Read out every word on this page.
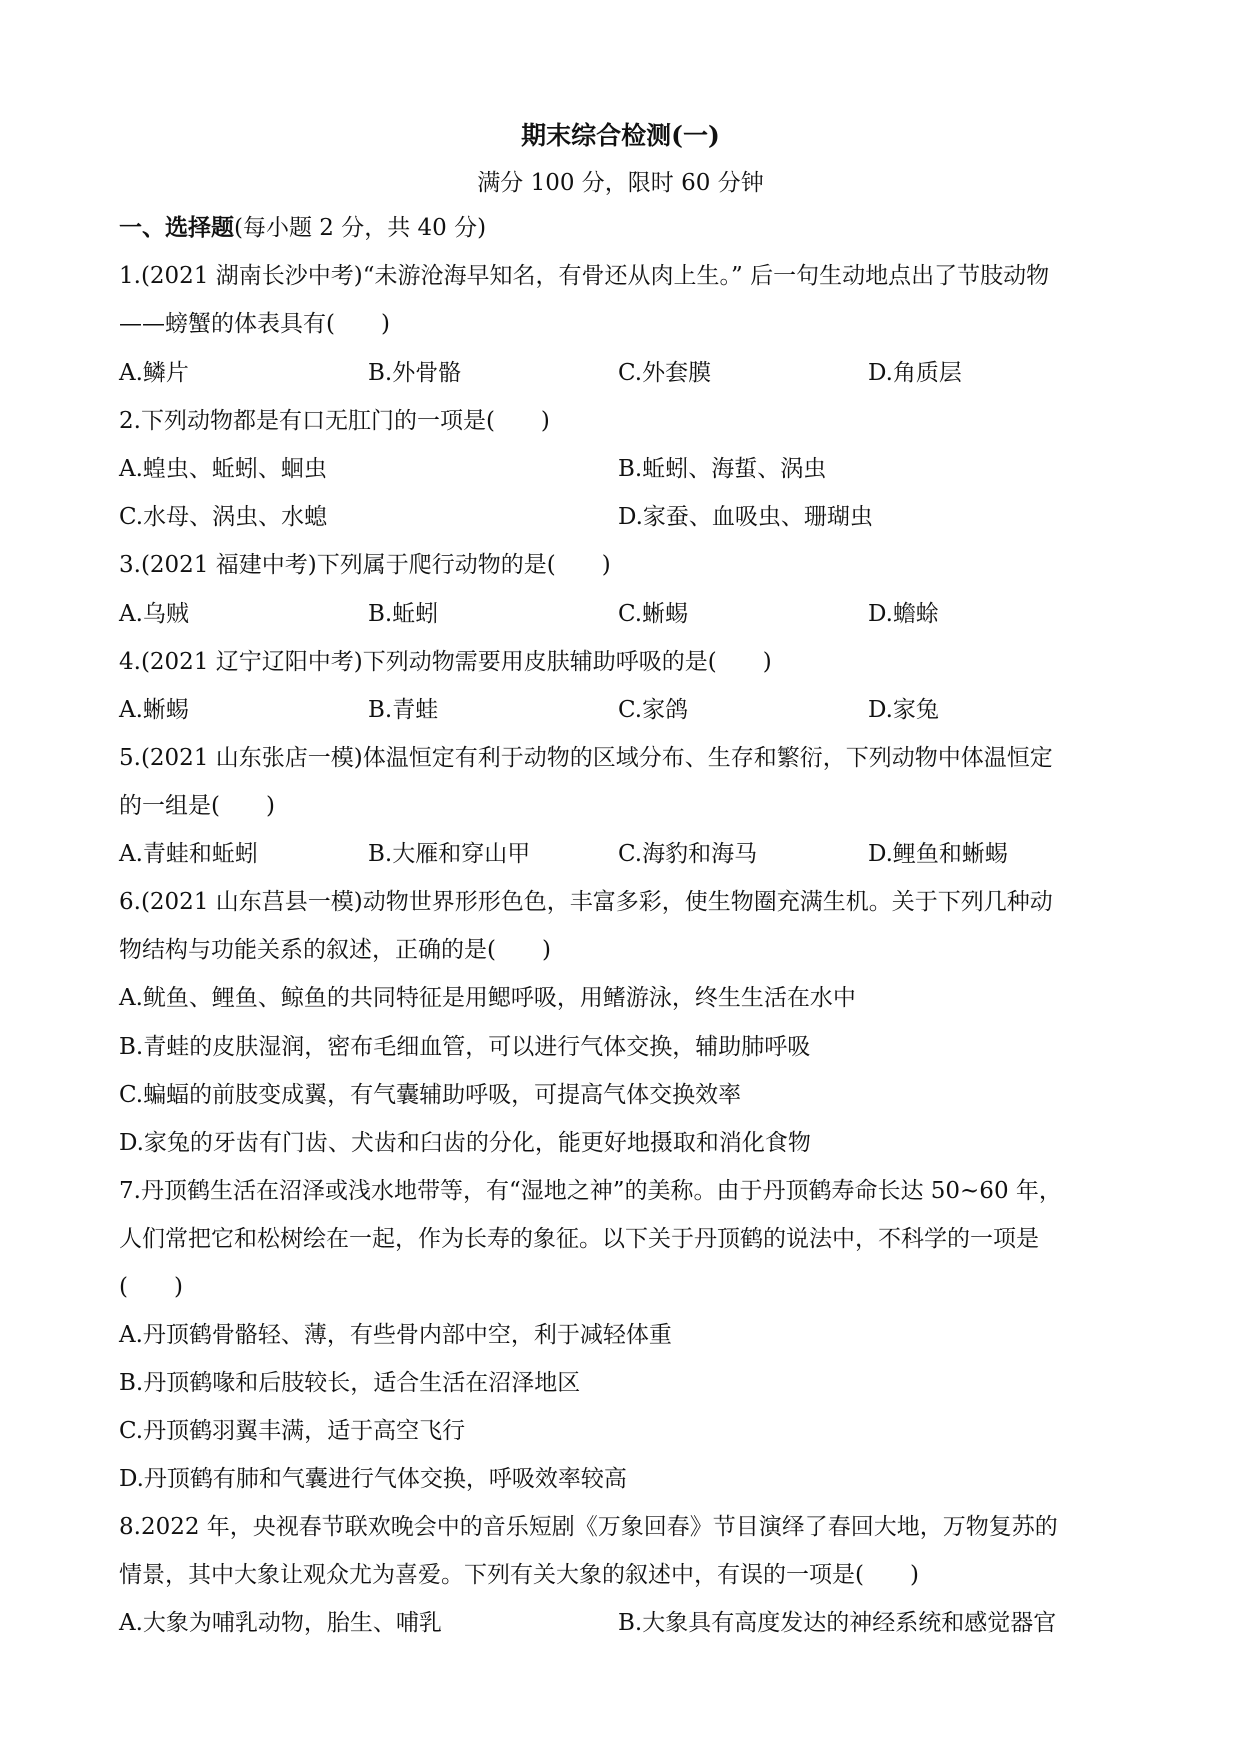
期末综合检测(一)
满分 100 分，限时 60 分钟
一、选择题(每小题 2 分，共 40 分)
1.(2021 湖南长沙中考)“未游沧海早知名，有骨还从肉上生。” 后一句生动地点出了节肢动物
——螃蟹的体表具有(　　)
A.鳞片	B.外骨骼	C.外套膜	D.角质层
2.下列动物都是有口无肛门的一项是(　　)
A.蝗虫、蚯蚓、蛔虫	B.蚯蚓、海蜇、涡虫
C.水母、涡虫、水螅	D.家蚕、血吸虫、珊瑚虫
3.(2021 福建中考)下列属于爬行动物的是(　　)
A.乌贼	B.蚯蚓	C.蜥蜴	D.蟾蜍
4.(2021 辽宁辽阳中考)下列动物需要用皮肤辅助呼吸的是(　　)
A.蜥蜴	B.青蛙	C.家鸽	D.家兔
5.(2021 山东张店一模)体温恒定有利于动物的区域分布、生存和繁衍，下列动物中体温恒定
的一组是(　　)
A.青蛙和蚯蚓	B.大雁和穿山甲	C.海豹和海马	D.鲤鱼和蜥蜴
6.(2021 山东莒县一模)动物世界形形色色，丰富多彩，使生物圈充满生机。关于下列几种动
物结构与功能关系的叙述，正确的是(　　)
A.鱿鱼、鲤鱼、鲸鱼的共同特征是用鳃呼吸，用鳍游泳，终生生活在水中
B.青蛙的皮肤湿润，密布毛细血管，可以进行气体交换，辅助肺呼吸
C.蝙蝠的前肢变成翼，有气囊辅助呼吸，可提高气体交换效率
D.家兔的牙齿有门齿、犬齿和臼齿的分化，能更好地摄取和消化食物
7.丹顶鹤生活在沼泽或浅水地带等，有“湿地之神”的美称。由于丹顶鹤寿命长达 50~60 年，
人们常把它和松树绘在一起，作为长寿的象征。以下关于丹顶鹤的说法中，不科学的一项是
(　　)
A.丹顶鹤骨骼轻、薄，有些骨内部中空，利于减轻体重
B.丹顶鹤喙和后肢较长，适合生活在沼泽地区
C.丹顶鹤羽翼丰满，适于高空飞行
D.丹顶鹤有肺和气囊进行气体交换，呼吸效率较高
8.2022 年，央视春节联欢晚会中的音乐短剧《万象回春》节目演绎了春回大地，万物复苏的
情景，其中大象让观众尤为喜爱。下列有关大象的叙述中，有误的一项是(　　)
A.大象为哺乳动物，胎生、哺乳	B.大象具有高度发达的神经系统和感觉器官
